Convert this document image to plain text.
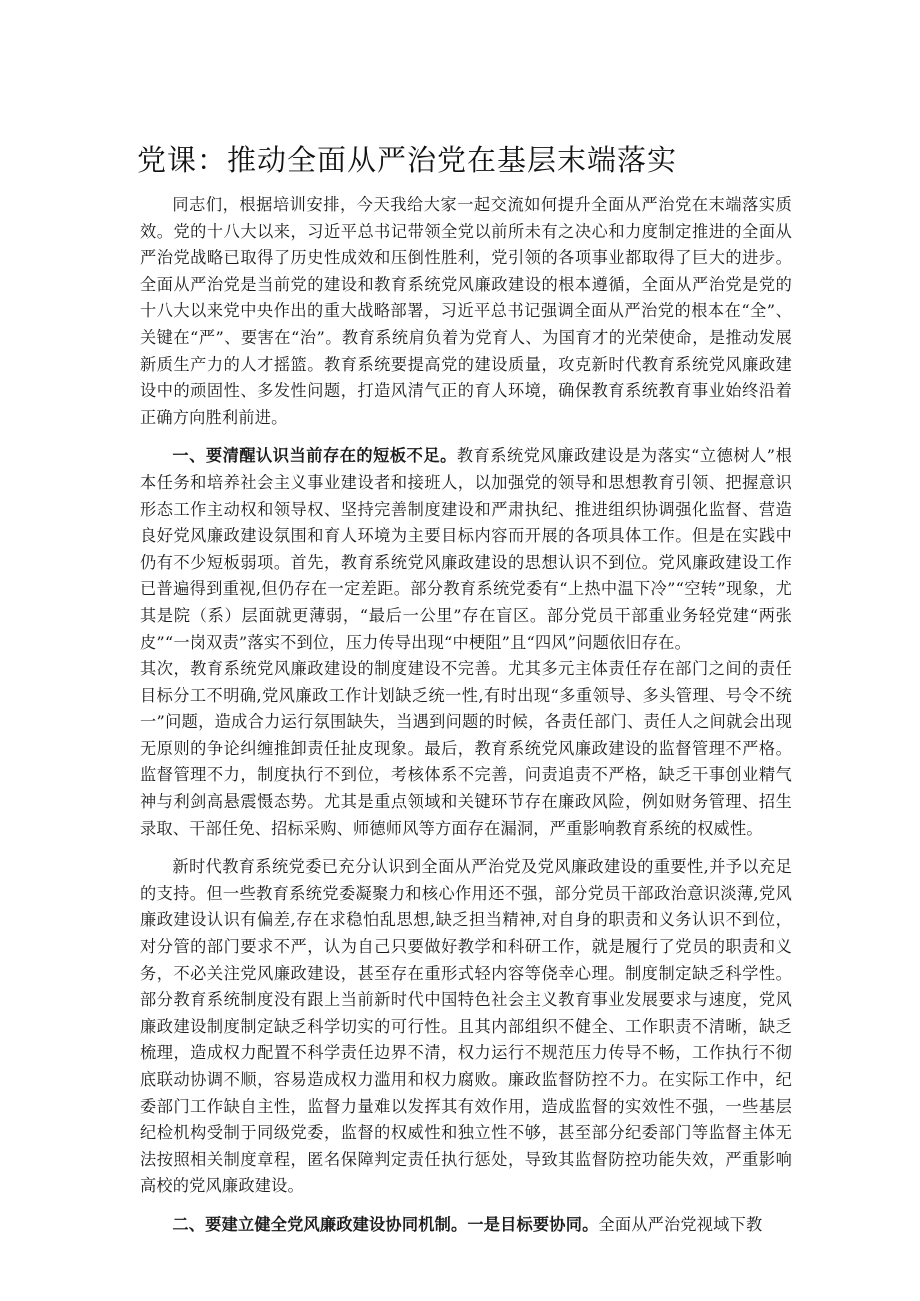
党课：推动全面从严治党在基层末端落实

同志们，根据培训安排，今天我给大家一起交流如何提升全面从严治党在末端落实质效。党的十八大以来，习近平总书记带领全党以前所未有之决心和力度制定推进的全面从严治党战略已取得了历史性成效和压倒性胜利，党引领的各项事业都取得了巨大的进步。全面从严治党是当前党的建设和教育系统党风廉政建设的根本遵循，全面从严治党是党的十八大以来党中央作出的重大战略部署，习近平总书记强调全面从严治党的根本在“全”、关键在“严”、要害在“治”。教育系统肩负着为党育人、为国育才的光荣使命，是推动发展新质生产力的人才摇篮。教育系统要提高党的建设质量，攻克新时代教育系统党风廉政建设中的顽固性、多发性问题，打造风清气正的育人环境，确保教育系统教育事业始终沿着正确方向胜利前进。

一、要清醒认识当前存在的短板不足。教育系统党风廉政建设是为落实“立德树人”根本任务和培养社会主义事业建设者和接班人，以加强党的领导和思想教育引领、把握意识形态工作主动权和领导权、坚持完善制度建设和严肃执纪、推进组织协调强化监督、营造良好党风廉政建设氛围和育人环境为主要目标内容而开展的各项具体工作。但是在实践中仍有不少短板弱项。首先，教育系统党风廉政建设的思想认识不到位。党风廉政建设工作已普遍得到重视,但仍存在一定差距。部分教育系统党委有“上热中温下冷”“空转”现象，尤其是院（系）层面就更薄弱，“最后一公里”存在盲区。部分党员干部重业务轻党建“两张皮”“一岗双责”落实不到位，压力传导出现“中梗阻”且“四风”问题依旧存在。

其次，教育系统党风廉政建设的制度建设不完善。尤其多元主体责任存在部门之间的责任目标分工不明确,党风廉政工作计划缺乏统一性,有时出现“多重领导、多头管理、号令不统一”问题，造成合力运行氛围缺失，当遇到问题的时候，各责任部门、责任人之间就会出现无原则的争论纠缠推卸责任扯皮现象。最后，教育系统党风廉政建设的监督管理不严格。监督管理不力，制度执行不到位，考核体系不完善，问责追责不严格，缺乏干事创业精气神与利剑高悬震慑态势。尤其是重点领域和关键环节存在廉政风险，例如财务管理、招生录取、干部任免、招标采购、师德师风等方面存在漏洞，严重影响教育系统的权威性。

新时代教育系统党委已充分认识到全面从严治党及党风廉政建设的重要性,并予以充足的支持。但一些教育系统党委凝聚力和核心作用还不强，部分党员干部政治意识淡薄,党风廉政建设认识有偏差,存在求稳怕乱思想,缺乏担当精神,对自身的职责和义务认识不到位，对分管的部门要求不严，认为自己只要做好教学和科研工作，就是履行了党员的职责和义务，不必关注党风廉政建设，甚至存在重形式轻内容等侥幸心理。制度制定缺乏科学性。部分教育系统制度没有跟上当前新时代中国特色社会主义教育事业发展要求与速度，党风廉政建设制度制定缺乏科学切实的可行性。且其内部组织不健全、工作职责不清晰，缺乏梳理，造成权力配置不科学责任边界不清，权力运行不规范压力传导不畅，工作执行不彻底联动协调不顺，容易造成权力滥用和权力腐败。廉政监督防控不力。在实际工作中，纪委部门工作缺自主性，监督力量难以发挥其有效作用，造成监督的实效性不强，一些基层纪检机构受制于同级党委，监督的权威性和独立性不够，甚至部分纪委部门等监督主体无法按照相关制度章程，匿名保障判定责任执行惩处，导致其监督防控功能失效，严重影响高校的党风廉政建设。

二、要建立健全党风廉政建设协同机制。一是目标要协同。全面从严治党视域下教
